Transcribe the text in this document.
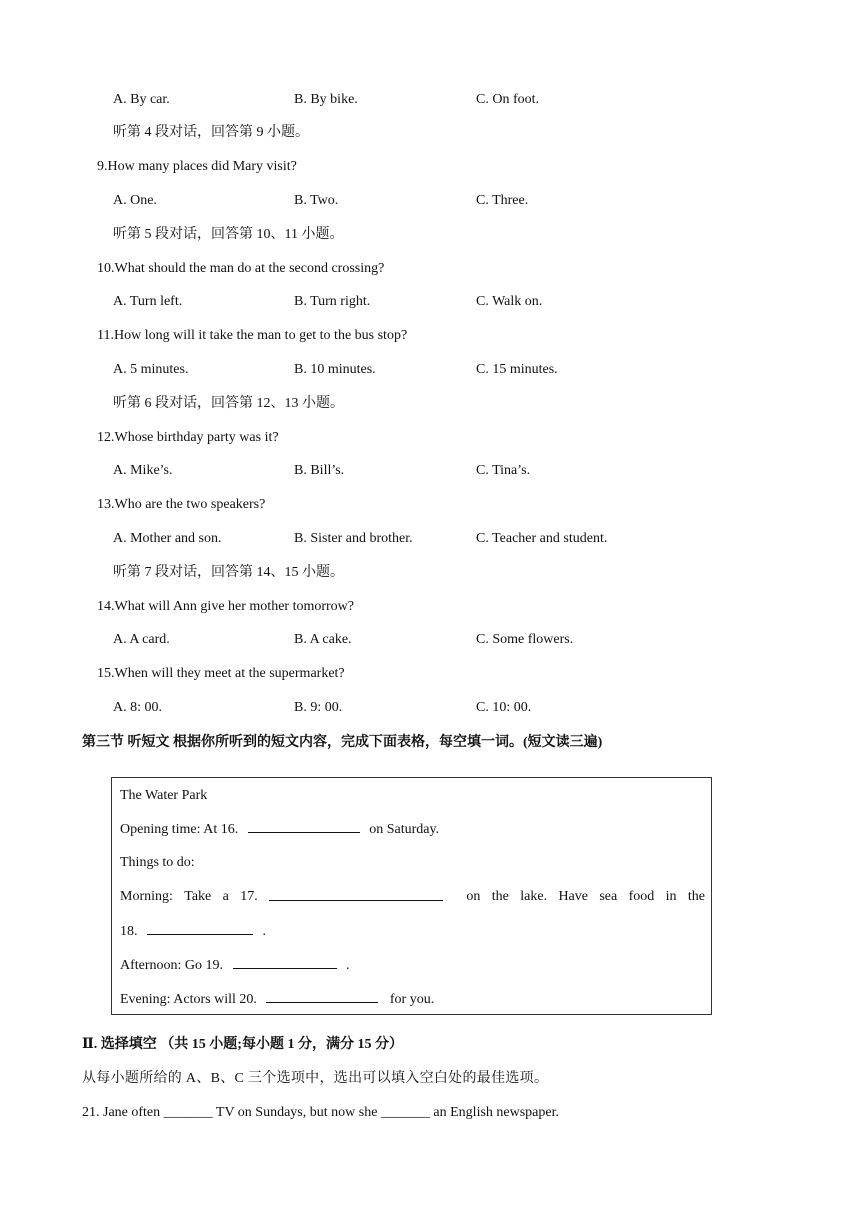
A. By car.	B. By bike.	C. On foot.
听第 4 段对话，回答第 9 小题。
9.How many places did Mary visit?
A. One.	B. Two.	C. Three.
听第 5 段对话，回答第 10、11 小题。
10.What should the man do at the second crossing?
A. Turn left.	B. Turn right.	C. Walk on.
11.How long will it take the man to get to the bus stop?
A. 5 minutes.	B. 10 minutes.	C. 15 minutes.
听第 6 段对话，回答第 12、13 小题。
12.Whose birthday party was it?
A. Mike’s.	B. Bill’s.	C. Tina’s.
13.Who are the two speakers?
A. Mother and son.	B. Sister and brother.	C. Teacher and student.
听第 7 段对话，回答第 14、15 小题。
14.What will Ann give her mother tomorrow?
A. A card.	B. A cake.	C. Some flowers.
15.When will they meet at the supermarket?
A. 8: 00.	B. 9: 00.	C. 10: 00.
第三节 听短文 根据你所听到的短文内容，完成下面表格，每空填一词。(短文读三遍)
The Water Park
Opening time: At 16.	on Saturday.
Things to do:
Morning: Take a 17.	on the lake. Have sea food in the
18.	.
Afternoon: Go 19.	.
Evening: Actors will 20.	for you.
Ⅱ. 选择填空 （共 15 小题;每小题 1 分，满分 15 分）
从每小题所给的 A、B、C 三个选项中，选出可以填入空白处的最佳选项。
21. Jane often _______ TV on Sundays, but now she _______ an English newspaper.
